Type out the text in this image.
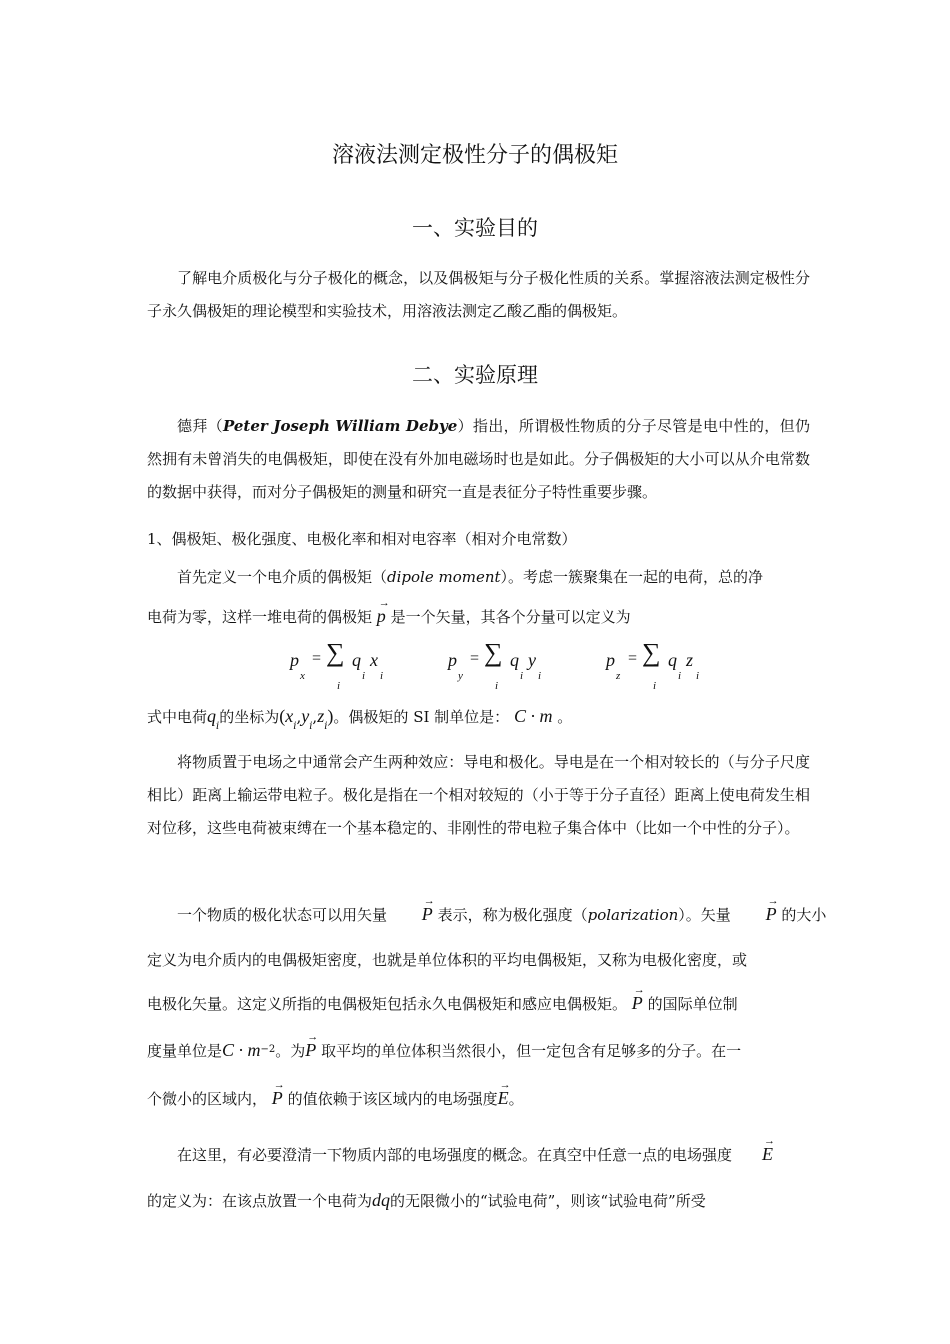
溶液法测定极性分子的偶极矩
一、实验目的
了解电介质极化与分子极化的概念，以及偶极矩与分子极化性质的关系。掌握溶液法测定极性分子永久偶极矩的理论模型和实验技术，用溶液法测定乙酸乙酯的偶极矩。
二、实验原理
德拜（Peter Joseph William Debye）指出，所谓极性物质的分子尽管是电中性的，但仍然拥有未曾消失的电偶极矩，即使在没有外加电磁场时也是如此。分子偶极矩的大小可以从介电常数的数据中获得，而对分子偶极矩的测量和研究一直是表征分子特性重要步骤。
1、偶极矩、极化强度、电极化率和相对电容率（相对介电常数）
首先定义一个电介质的偶极矩（dipole moment）。考虑一簇聚集在一起的电荷，总的净
电荷为零，这样一堆电荷的偶极矩
→
p 是一个矢量，其各个分量可以定义为
p
x
= ∑
i
q
i
x
i
p
y
= ∑
i
q
i
y
i
p
z
= ∑
i
q
i
z
i
式中电荷$q_i$的坐标为$(x_i,y_i,z_i)$。偶极矩的 SI 制单位是： C · m 。
将物质置于电场之中通常会产生两种效应：导电和极化。导电是在一个相对较长的（与分子尺度相比）距离上输运带电粒子。极化是指在一个相对较短的（小于等于分子直径）距离上使电荷发生相对位移，这些电荷被束缚在一个基本稳定的、非刚性的带电粒子集合体中（比如一个中性的分子）。
一个物质的极化状态可以用矢量
→
P 表示，称为极化强度（polarization）。矢量
→
P 的大小
定义为电介质内的电偶极矩密度，也就是单位体积的平均电偶极矩，又称为电极化密度，或
电极化矢量。这定义所指的电偶极矩包括永久电偶极矩和感应电偶极矩。
→
P 的国际单位制
度量单位是$C \cdot m^{-2}$。为
→
P 取平均的单位体积当然很小，但一定包含有足够多的分子。在一
个微小的区域内，
→
P 的值依赖于该区域内的电场强度
→
E。
在这里，有必要澄清一下物质内部的电场强度的概念。在真空中任意一点的电场强度
→
E
的定义为：在该点放置一个电荷为dq的无限微小的“试验电荷”，则该“试验电荷”所受
